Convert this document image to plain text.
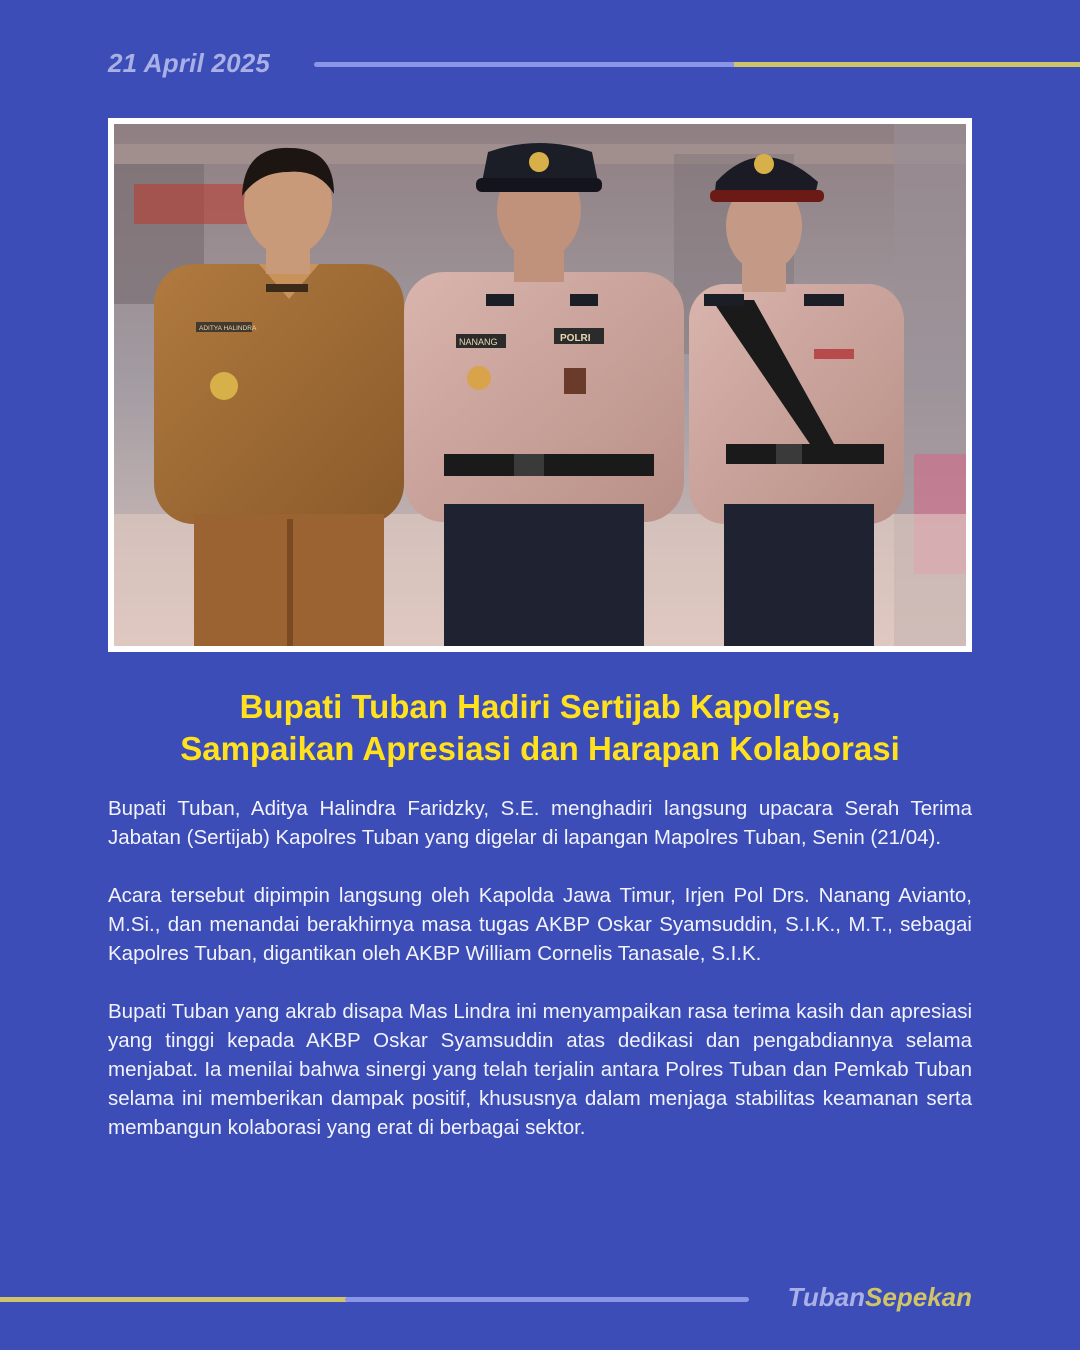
21 April 2025
ADITYA HALINDRA
NANANG	POLRI
Bupati Tuban Hadiri Sertijab Kapolres,
Sampaikan Apresiasi dan Harapan Kolaborasi

Bupati Tuban, Aditya Halindra Faridzky, S.E. menghadiri langsung upacara Serah Terima Jabatan (Sertijab) Kapolres Tuban yang digelar di lapangan Mapolres Tuban, Senin (21/04).

Acara tersebut dipimpin langsung oleh Kapolda Jawa Timur, Irjen Pol Drs. Nanang Avianto, M.Si., dan menandai berakhirnya masa tugas AKBP Oskar Syamsuddin, S.I.K., M.T., sebagai Kapolres Tuban, digantikan oleh AKBP William Cornelis Tanasale, S.I.K.

Bupati Tuban yang akrab disapa Mas Lindra ini menyampaikan rasa terima kasih dan apresiasi yang tinggi kepada AKBP Oskar Syamsuddin atas dedikasi dan pengabdiannya selama menjabat. Ia menilai bahwa sinergi yang telah terjalin antara Polres Tuban dan Pemkab Tuban selama ini memberikan dampak positif, khususnya dalam menjaga stabilitas keamanan serta membangun kolaborasi yang erat di berbagai sektor.

TubanSepekan
